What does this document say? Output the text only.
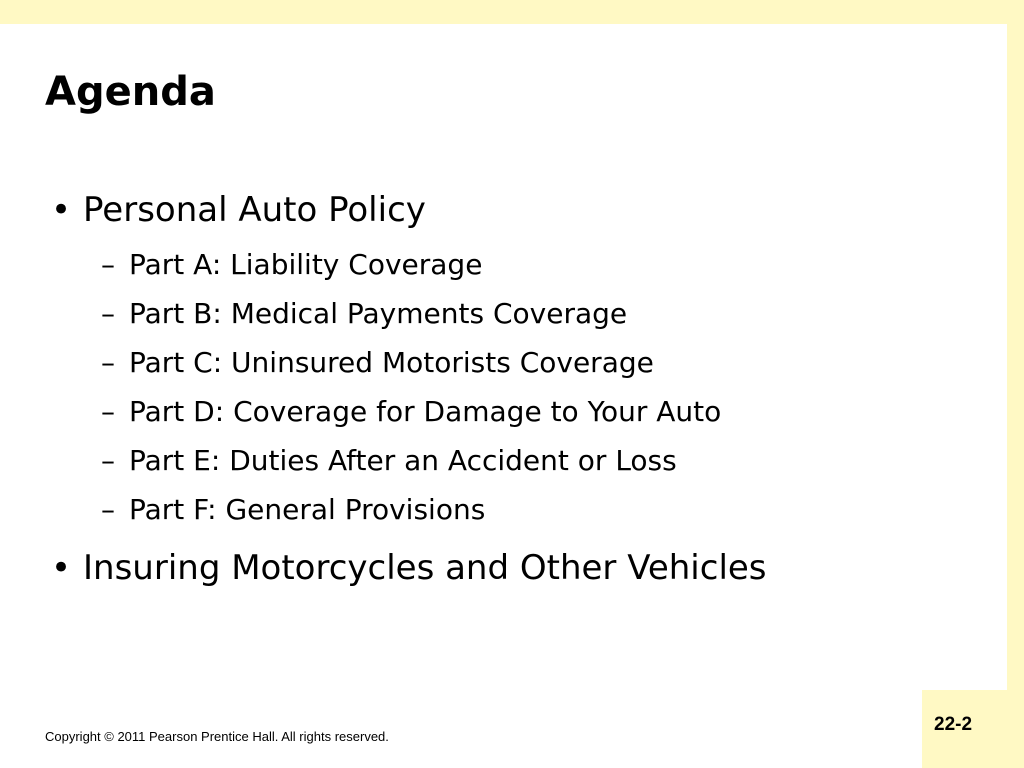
Agenda
• Personal Auto Policy
– Part A: Liability Coverage
– Part B: Medical Payments Coverage
– Part C: Uninsured Motorists Coverage
– Part D: Coverage for Damage to Your Auto
– Part E: Duties After an Accident or Loss
– Part F: General Provisions
• Insuring Motorcycles and Other Vehicles
Copyright © 2011 Pearson Prentice Hall. All rights reserved.
22-2
